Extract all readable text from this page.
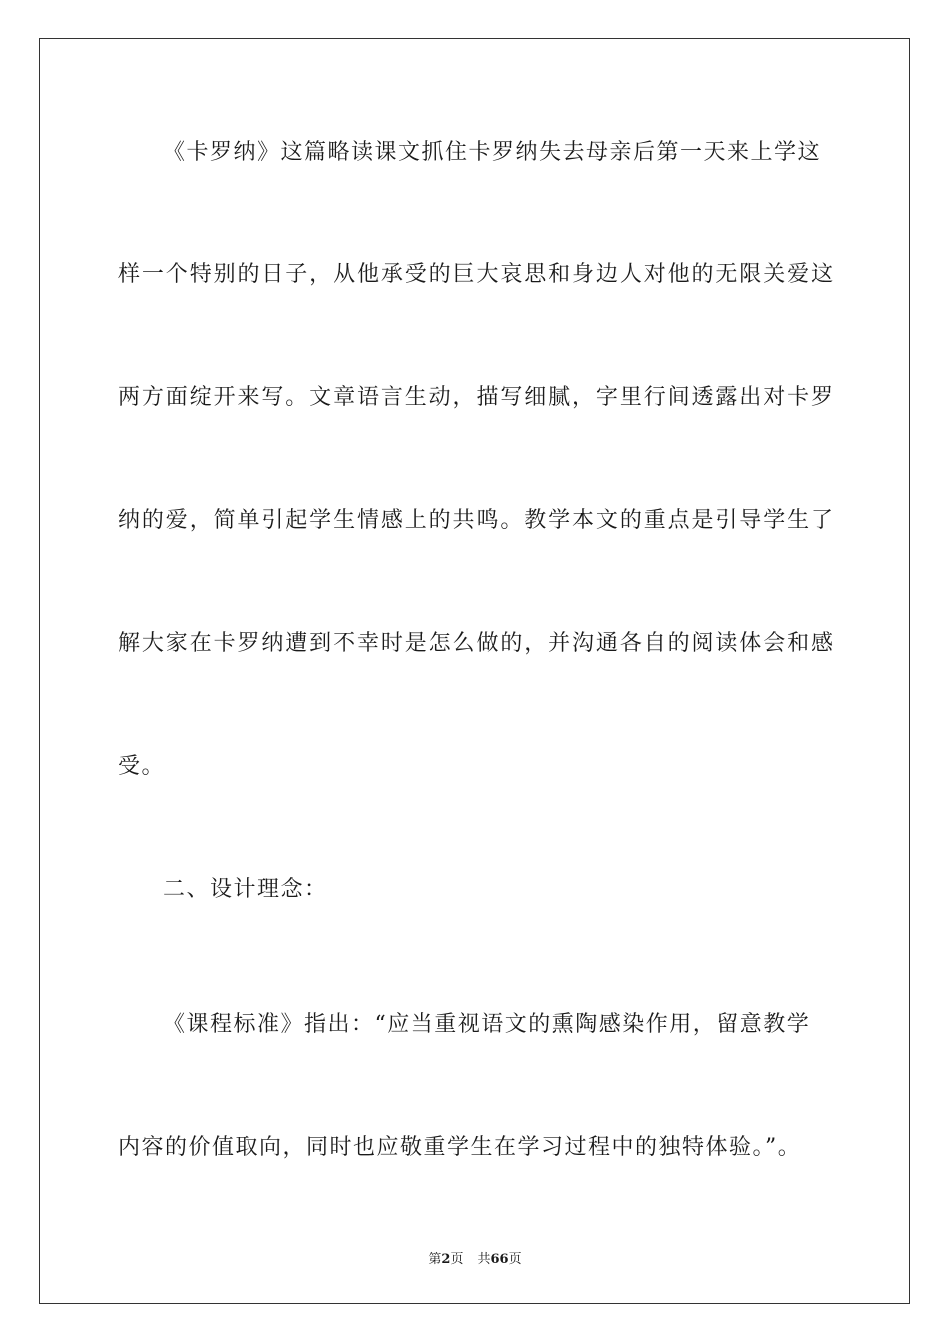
《卡罗纳》这篇略读课文抓住卡罗纳失去母亲后第一天来上学这
样一个特别的日子，从他承受的巨大哀思和身边人对他的无限关爱这
两方面绽开来写。文章语言生动，描写细腻，字里行间透露出对卡罗
纳的爱，简单引起学生情感上的共鸣。教学本文的重点是引导学生了
解大家在卡罗纳遭到不幸时是怎么做的，并沟通各自的阅读体会和感
受。
二、设计理念：
《课程标准》指出：“应当重视语文的熏陶感染作用，留意教学
内容的价值取向，同时也应敬重学生在学习过程中的独特体验。”。
第2页 共66页
